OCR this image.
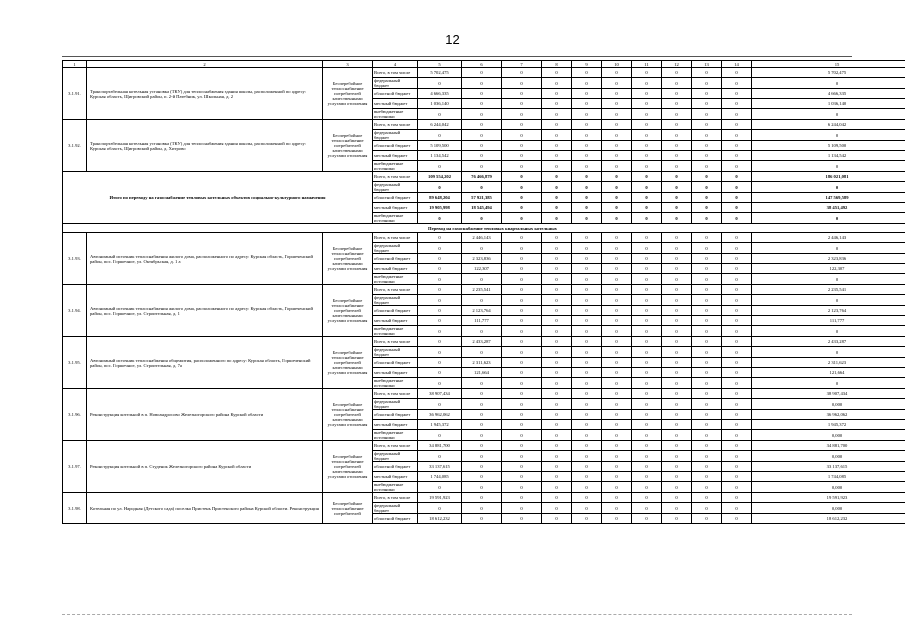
12
1	2	3	4	5	6	7	8	9	10	11	12	13	14	15
3.1.91.	Транспортабельная котельная установка (ТКУ) для теплоснабжения здания школы, расположенной по адресу: Курская область, Щигровский район, п. 2-й Патебник, ул. Школьная, д. 2	Бесперебойное теплоснабжение потребителей качественными услугами отопления	Всего, в том числе	5 702,475	0	0	0	0	0	0	0	0	0	5 702,475
			федеральный бюджет	0	0	0	0	0	0	0	0	0	0	0
			областной бюджет	4 666,335	0	0	0	0	0	0	0	0	0	4 666,335
			местный бюджет	1 036,140	0	0	0	0	0	0	0	0	0	1 036,140
			внебюджетные источники	0	0	0	0	0	0	0	0	0	0	0
3.1.92.	Транспортабельная котельная установка (ТКУ) для теплоснабжения здания школы, расположенной по адресу: Курская область, Щигровский район, д. Хитрово	Бесперебойное теплоснабжение потребителей качественными услугами отопления	Всего, в том числе	6 244,042	0	0	0	0	0	0	0	0	0	6 244,042
			федеральный бюджет	0	0	0	0	0	0	0	0	0	0	0
			областной бюджет	5 109,500	0	0	0	0	0	0	0	0	0	5 109,500
			местный бюджет	1 134,542	0	0	0	0	0	0	0	0	0	1 134,542
			внебюджетные источники	0	0	0	0	0	0	0	0	0	0	0
Итого по переводу на газоснабжение тепловых котельных объектов социально-культурного назначения			Всего, в том числе	109 554,202	76 466,879	0	0	0	0	0	0	0	0	186 021,081
			федеральный бюджет	0	0	0	0	0	0	0	0	0	0	0
			областной бюджет	89 648,204	57 921,385	0	0	0	0	0	0	0	0	147 569,589
			местный бюджет	19 905,998	18 545,494	0	0	0	0	0	0	0	0	38 451,492
			внебюджетные источники	0	0	0	0	0	0	0	0	0	0	0
Перевод на газоснабжение тепловых квартальных котельных														
3.1.93.	Автономный источник теплоснабжения жилого дома, расположенного по адресу: Курская область, Горшеченский район, пос. Горшечное, ул. Октябрьская, д. 1 а	Бесперебойное теплоснабжение потребителей качественными услугами отопления	Всего, в том числе	0	2 446,143	0	0	0	0	0	0	0	0	2 446,143
			федеральный бюджет	0	0	0	0	0	0	0	0	0	0	0
			областной бюджет	0	2 323,836	0	0	0	0	0	0	0	0	2 323,836
			местный бюджет	0	122,307	0	0	0	0	0	0	0	0	122,307
			внебюджетные источники	0	0	0	0	0	0	0	0	0	0	0
3.1.94.	Автономный источник теплоснабжения жилого дома, расположенного по адресу: Курская область, Горшеченский район, пос. Горшечное, ул. Строительная, д. 1	Бесперебойное теплоснабжение потребителей качественными услугами отопления	Всего, в том числе	0	2 235,541	0	0	0	0	0	0	0	0	2 235,541
			федеральный бюджет	0	0	0	0	0	0	0	0	0	0	0
			областной бюджет	0	2 123,764	0	0	0	0	0	0	0	0	2 123,764
			местный бюджет	0	111,777	0	0	0	0	0	0	0	0	111,777
			внебюджетные источники	0	0	0	0	0	0	0	0	0	0	0
3.1.95.	Автономный источник теплоснабжения общежития, расположенного по адресу: Курская область, Горшеченский район, пос. Горшечное, ул. Строительная, д. 7а	Бесперебойное теплоснабжение потребителей качественными услугами отопления	Всего, в том числе	0	2 433,287	0	0	0	0	0	0	0	0	2 433,287
			федеральный бюджет	0	0	0	0	0	0	0	0	0	0	0
			областной бюджет	0	2 311,623	0	0	0	0	0	0	0	0	2 311,623
			местный бюджет	0	121,664	0	0	0	0	0	0	0	0	121,664
			внебюджетные источники	0	0	0	0	0	0	0	0	0	0	0
3.1.96.	Реконструкция котельной в п. Новоандросово Железногорского района Курской области	Бесперебойное теплоснабжение потребителей качественными услугами отопления	Всего, в том числе	38 907,434	0	0	0	0	0	0	0	0	0	38 907,434
			федеральный бюджет	0	0	0	0	0	0	0	0	0	0	0,000
			областной бюджет	36 962,062	0	0	0	0	0	0	0	0	0	36 962,062
			местный бюджет	1 945,372	0	0	0	0	0	0	0	0	0	1 945,372
			внебюджетные источники	0	0	0	0	0	0	0	0	0	0	0,000
3.1.97.	Реконструкция котельной в п. Студенок Железногорского района Курской области	Бесперебойное теплоснабжение потребителей качественными услугами отопления	Всего, в том числе	34 881,700	0	0	0	0	0	0	0	0	0	34 881,700
			федеральный бюджет	0	0	0	0	0	0	0	0	0	0	0,000
			областной бюджет	33 137,615	0	0	0	0	0	0	0	0	0	33 137,615
			местный бюджет	1 744,085	0	0	0	0	0	0	0	0	0	1 744,085
			внебюджетные источники	0	0	0	0	0	0	0	0	0	0	0,000
3.1.98.	Котельная по ул. Народная (Детского сада) поселка Пристень Пристенского района Курской области. Реконструкция	Бесперебойное теплоснабжение потребителей	Всего, в том числе	19 591,923	0	0	0	0	0	0	0	0	0	19 591,923
			федеральный бюджет	0	0	0	0	0	0	0	0	0	0	0,000
			областной бюджет	18 612,232	0	0	0	0	0	0	0	0	0	18 612,232
